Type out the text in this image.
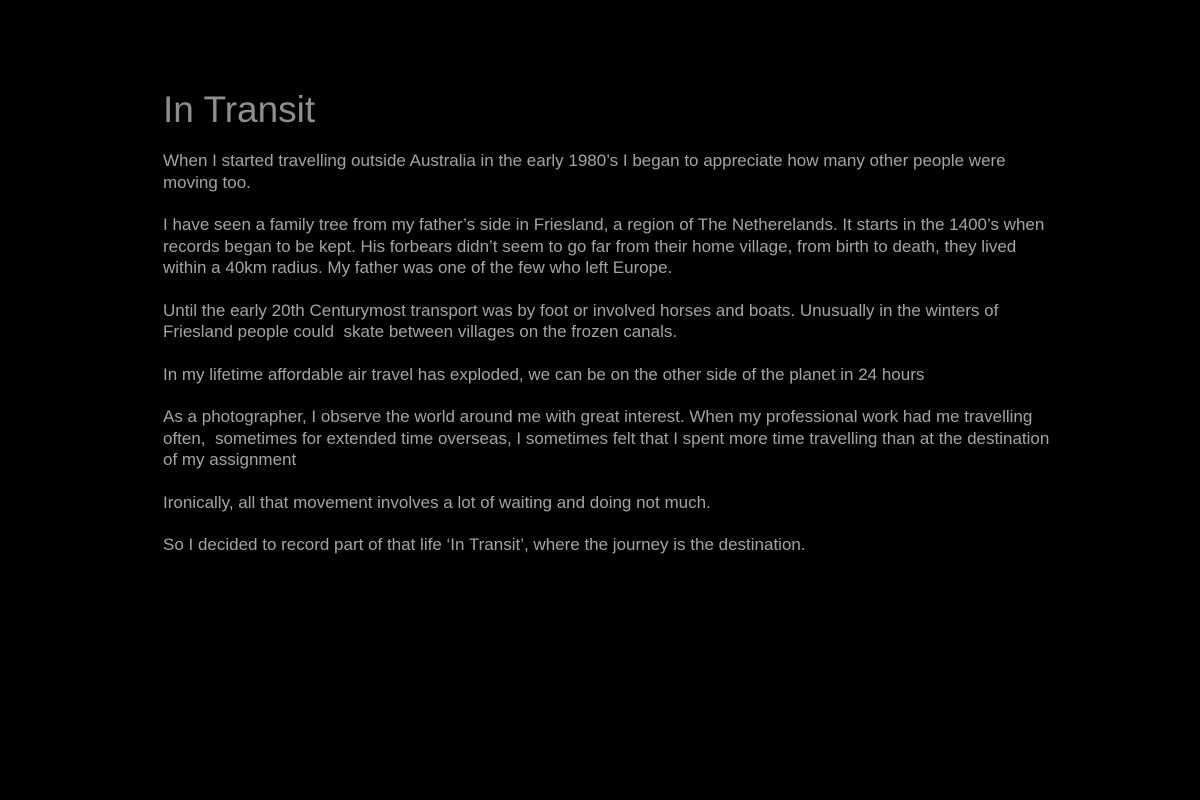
In Transit

When I started travelling outside Australia in the early 1980’s I began to appreciate how many other people were moving too.

I have seen a family tree from my father’s side in Friesland, a region of The Netherelands. It starts in the 1400’s when records began to be kept. His forbears didn’t seem to go far from their home village, from birth to death, they lived within a 40km radius. My father was one of the few who left Europe.

Until the early 20th Centurymost transport was by foot or involved horses and boats. Unusually in the winters of Friesland people could  skate between villages on the frozen canals.

In my lifetime affordable air travel has exploded, we can be on the other side of the planet in 24 hours

As a photographer, I observe the world around me with great interest. When my professional work had me travelling often,  sometimes for extended time overseas, I sometimes felt that I spent more time travelling than at the destination of my assignment

Ironically, all that movement involves a lot of waiting and doing not much.

So I decided to record part of that life ‘In Transit’, where the journey is the destination.
